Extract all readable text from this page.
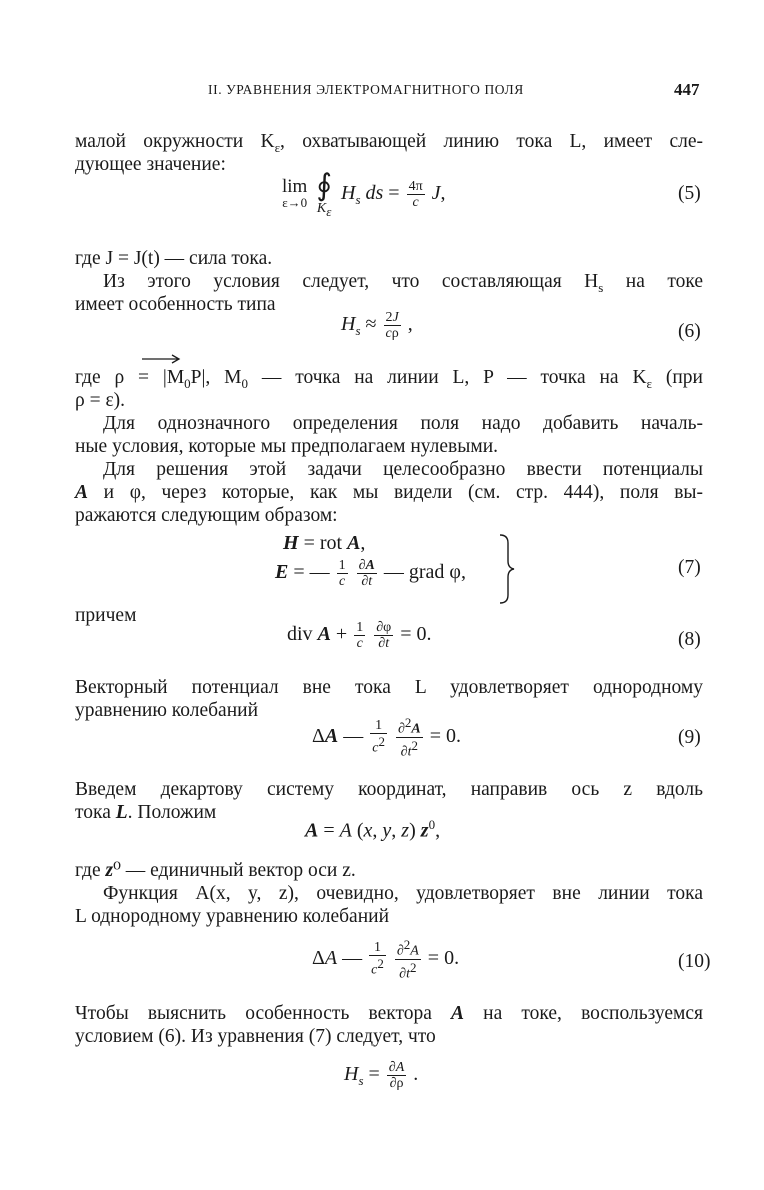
II. УРАВНЕНИЯ ЭЛЕКТРОМАГНИТНОГО ПОЛЯ	447
малой окружности $K_\varepsilon$, охватывающей линию тока L, имеет сле-
дующее значение:
lim
ε→0

∮
$K_\varepsilon$
$H_s$ ds = $\frac{4\pi}{c} J$,	(5)
где J = J(t) — сила тока.
Из этого условия следует, что составляющая $H_s$ на токе
имеет особенность типа
$H_s \approx \frac{2J}{c\rho}$ ,	(6)
где $\rho = |M_0P|$, $M_0$ — точка на линии L, P — точка на $K_\varepsilon$ (при
ρ = ε).
Для однозначного определения поля надо добавить началь-
ные условия, которые мы предполагаем нулевыми.
Для решения этой задачи целесообразно ввести потенциалы
A и φ, через которые, как мы видели (см. стр. 444), поля вы-
ражаются следующим образом:
H = rot A,
E = — $\frac{1}{c}$
$\frac{\partial A}{\partial t}$ — grad φ,	(7)
причем
div $A + \frac{1}{c}$
$\frac{\partial\varphi}{\partial t} = 0$.	(8)
Векторный потенциал вне тока L удовлетворяет однородному
уравнению колебаний
ΔA — $\frac{1}{c^2}$
$\frac{\partial^2A}{\partial t^2} = 0$.	(9)
Введем декартову систему координат, направив ось z вдоль
тока L. Положим
A = A (x, y, z) $z^0$,
где z⁰ — единичный вектор оси z.
Функция A(x, y, z), очевидно, удовлетворяет вне линии тока
L однородному уравнению колебаний
ΔA — $\frac{1}{c^2}$
$\frac{\partial^2A}{\partial t^2} = 0$.	(10)
Чтобы выяснить особенность вектора A на токе, воспользуемся
условием (6). Из уравнения (7) следует, что
$H_s = \frac{\partial A}{\partial\rho}$ .
